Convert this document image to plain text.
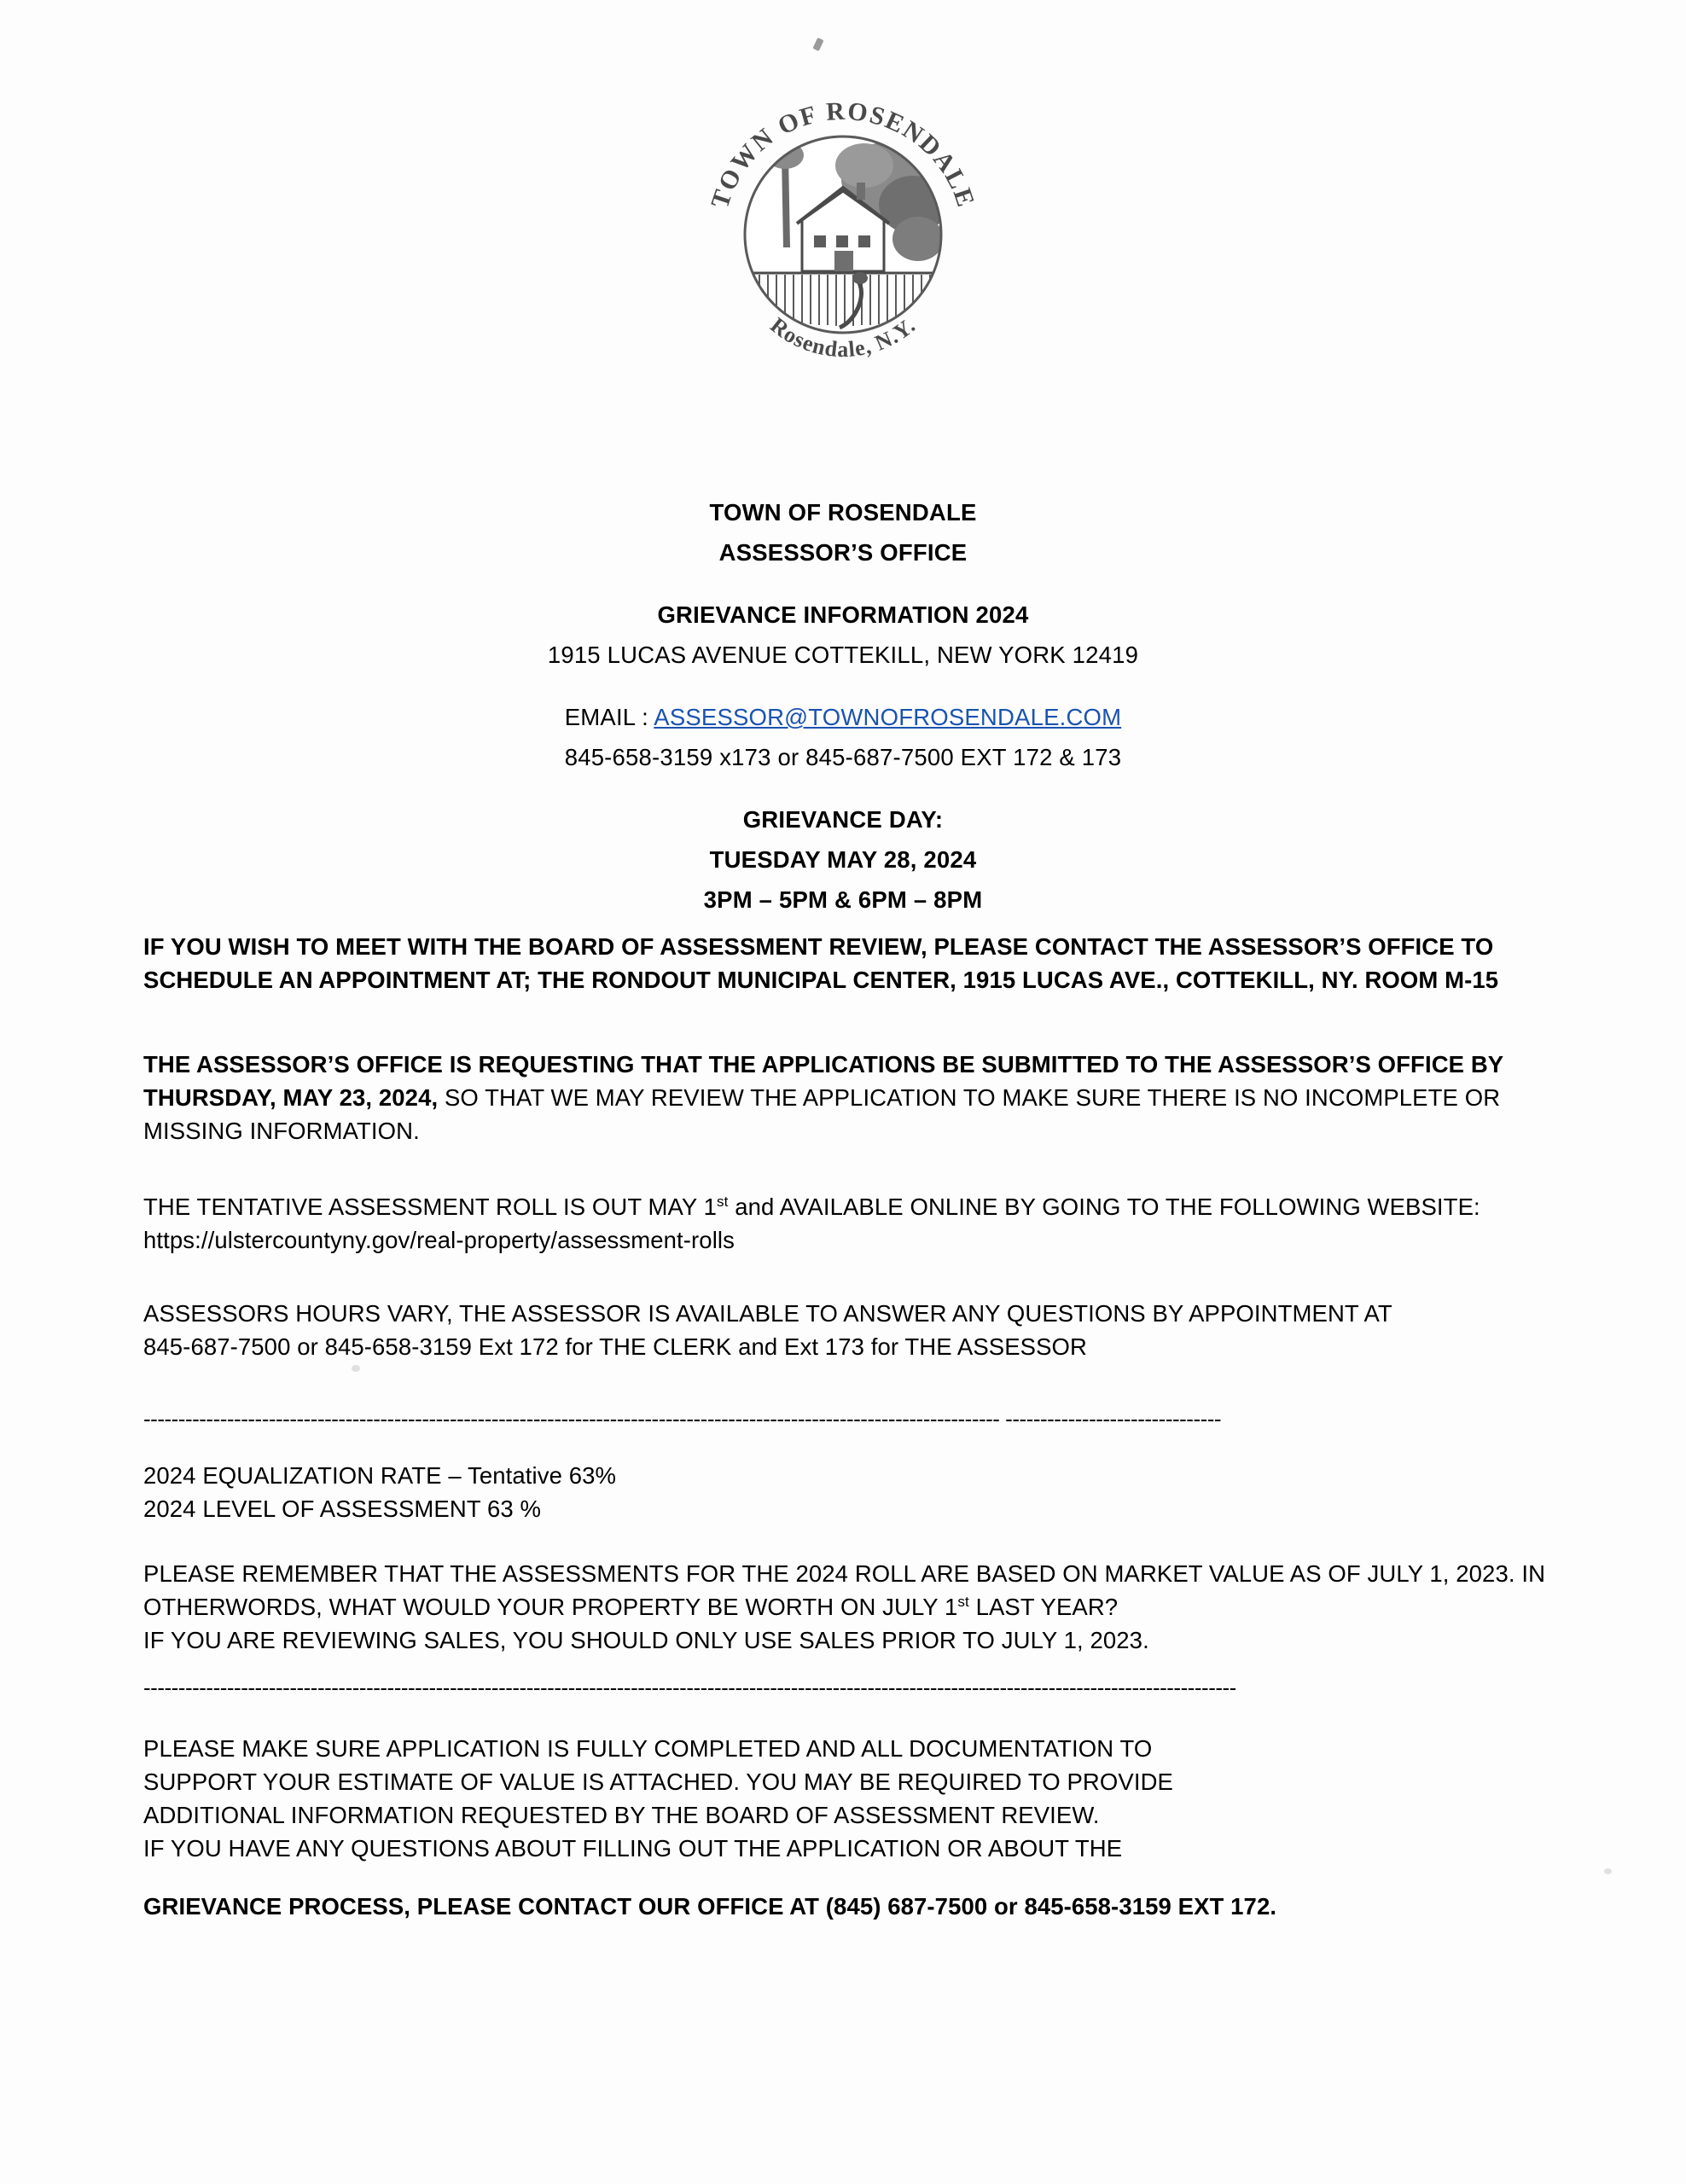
TOWN OF ROSENDALE
Rosendale, N.Y.
TOWN OF ROSENDALE
ASSESSOR’S OFFICE
GRIEVANCE INFORMATION 2024
1915 LUCAS AVENUE COTTEKILL, NEW YORK 12419
EMAIL : ASSESSOR@TOWNOFROSENDALE.COM
845-658-3159 x173 or 845-687-7500 EXT 172 & 173
GRIEVANCE DAY:
TUESDAY MAY 28, 2024
3PM – 5PM & 6PM – 8PM
IF YOU WISH TO MEET WITH THE BOARD OF ASSESSMENT REVIEW, PLEASE CONTACT THE ASSESSOR’S OFFICE TO SCHEDULE AN APPOINTMENT AT; THE RONDOUT MUNICIPAL CENTER, 1915 LUCAS AVE., COTTEKILL, NY. ROOM M-15
THE ASSESSOR’S OFFICE IS REQUESTING THAT THE APPLICATIONS BE SUBMITTED TO THE ASSESSOR’S OFFICE BY THURSDAY, MAY 23, 2024, SO THAT WE MAY REVIEW THE APPLICATION TO MAKE SURE THERE IS NO INCOMPLETE OR MISSING INFORMATION.
THE TENTATIVE ASSESSMENT ROLL IS OUT MAY 1st and AVAILABLE ONLINE BY GOING TO THE FOLLOWING WEBSITE:
https://ulstercountyny.gov/real-property/assessment-rolls
ASSESSORS HOURS VARY, THE ASSESSOR IS AVAILABLE TO ANSWER ANY QUESTIONS BY APPOINTMENT AT
845-687-7500 or 845-658-3159 Ext 172 for THE CLERK and Ext 173 for THE ASSESSOR
--------------------------------------------------------------------------------------------------------------------------- -------------------------------
2024 EQUALIZATION RATE – Tentative 63%
2024 LEVEL OF ASSESSMENT 63 %
PLEASE REMEMBER THAT THE ASSESSMENTS FOR THE 2024 ROLL ARE BASED ON MARKET VALUE AS OF JULY 1, 2023. IN OTHERWORDS, WHAT WOULD YOUR PROPERTY BE WORTH ON JULY 1st LAST YEAR?
IF YOU ARE REVIEWING SALES, YOU SHOULD ONLY USE SALES PRIOR TO JULY 1, 2023.
-------------------------------------------------------------------------------------------------------------------------------------------------------------
PLEASE MAKE SURE APPLICATION IS FULLY COMPLETED AND ALL DOCUMENTATION TO
SUPPORT YOUR ESTIMATE OF VALUE IS ATTACHED. YOU MAY BE REQUIRED TO PROVIDE
ADDITIONAL INFORMATION REQUESTED BY THE BOARD OF ASSESSMENT REVIEW.
IF YOU HAVE ANY QUESTIONS ABOUT FILLING OUT THE APPLICATION OR ABOUT THE
GRIEVANCE PROCESS, PLEASE CONTACT OUR OFFICE AT (845) 687-7500 or 845-658-3159 EXT 172.
